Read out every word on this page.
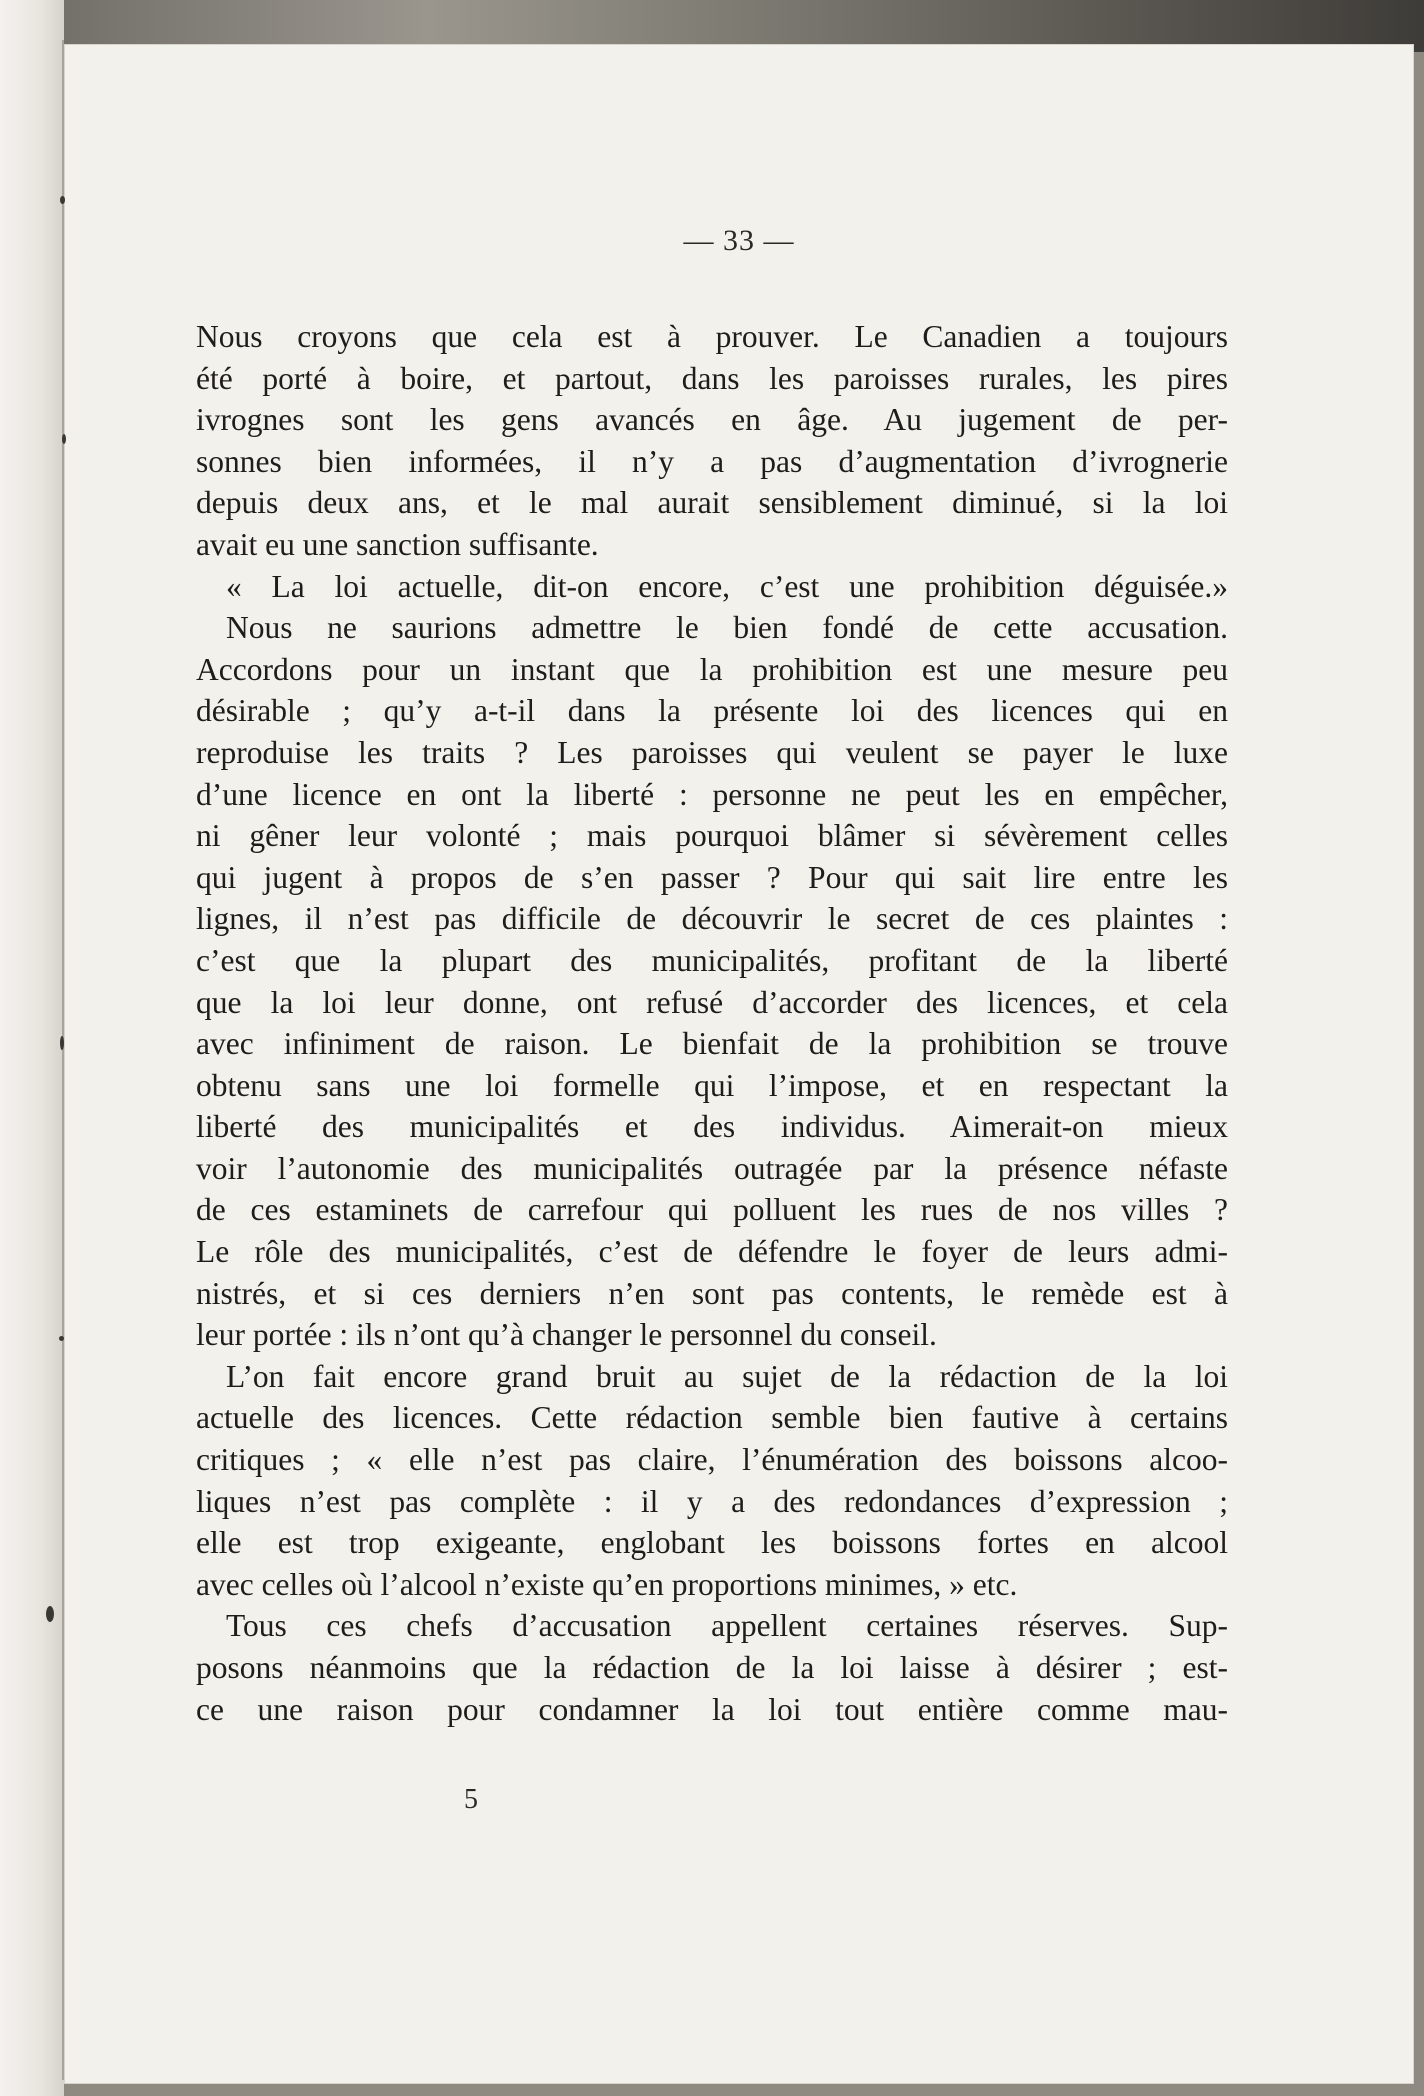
— 33 —
Nous croyons que cela est à prouver. Le Canadien a toujours
été porté à boire, et partout, dans les paroisses rurales, les pires
ivrognes sont les gens avancés en âge. Au jugement de per-
sonnes bien informées, il n’y a pas d’augmentation d’ivrognerie
depuis deux ans, et le mal aurait sensiblement diminué, si la loi
avait eu une sanction suffisante.
« La loi actuelle, dit-on encore, c’est une prohibition déguisée.»
Nous ne saurions admettre le bien fondé de cette accusation.
Accordons pour un instant que la prohibition est une mesure peu
désirable ; qu’y a-t-il dans la présente loi des licences qui en
reproduise les traits ? Les paroisses qui veulent se payer le luxe
d’une licence en ont la liberté : personne ne peut les en empêcher,
ni gêner leur volonté ; mais pourquoi blâmer si sévèrement celles
qui jugent à propos de s’en passer ? Pour qui sait lire entre les
lignes, il n’est pas difficile de découvrir le secret de ces plaintes :
c’est que la plupart des municipalités, profitant de la liberté
que la loi leur donne, ont refusé d’accorder des licences, et cela
avec infiniment de raison. Le bienfait de la prohibition se trouve
obtenu sans une loi formelle qui l’impose, et en respectant la
liberté des municipalités et des individus. Aimerait-on mieux
voir l’autonomie des municipalités outragée par la présence néfaste
de ces estaminets de carrefour qui polluent les rues de nos villes ?
Le rôle des municipalités, c’est de défendre le foyer de leurs admi-
nistrés, et si ces derniers n’en sont pas contents, le remède est à
leur portée : ils n’ont qu’à changer le personnel du conseil.
L’on fait encore grand bruit au sujet de la rédaction de la loi
actuelle des licences. Cette rédaction semble bien fautive à certains
critiques ; « elle n’est pas claire, l’énumération des boissons alcoo-
liques n’est pas complète : il y a des redondances d’expression ;
elle est trop exigeante, englobant les boissons fortes en alcool
avec celles où l’alcool n’existe qu’en proportions minimes, » etc.
Tous ces chefs d’accusation appellent certaines réserves. Sup-
posons néanmoins que la rédaction de la loi laisse à désirer ; est-
ce une raison pour condamner la loi tout entière comme mau-
5
